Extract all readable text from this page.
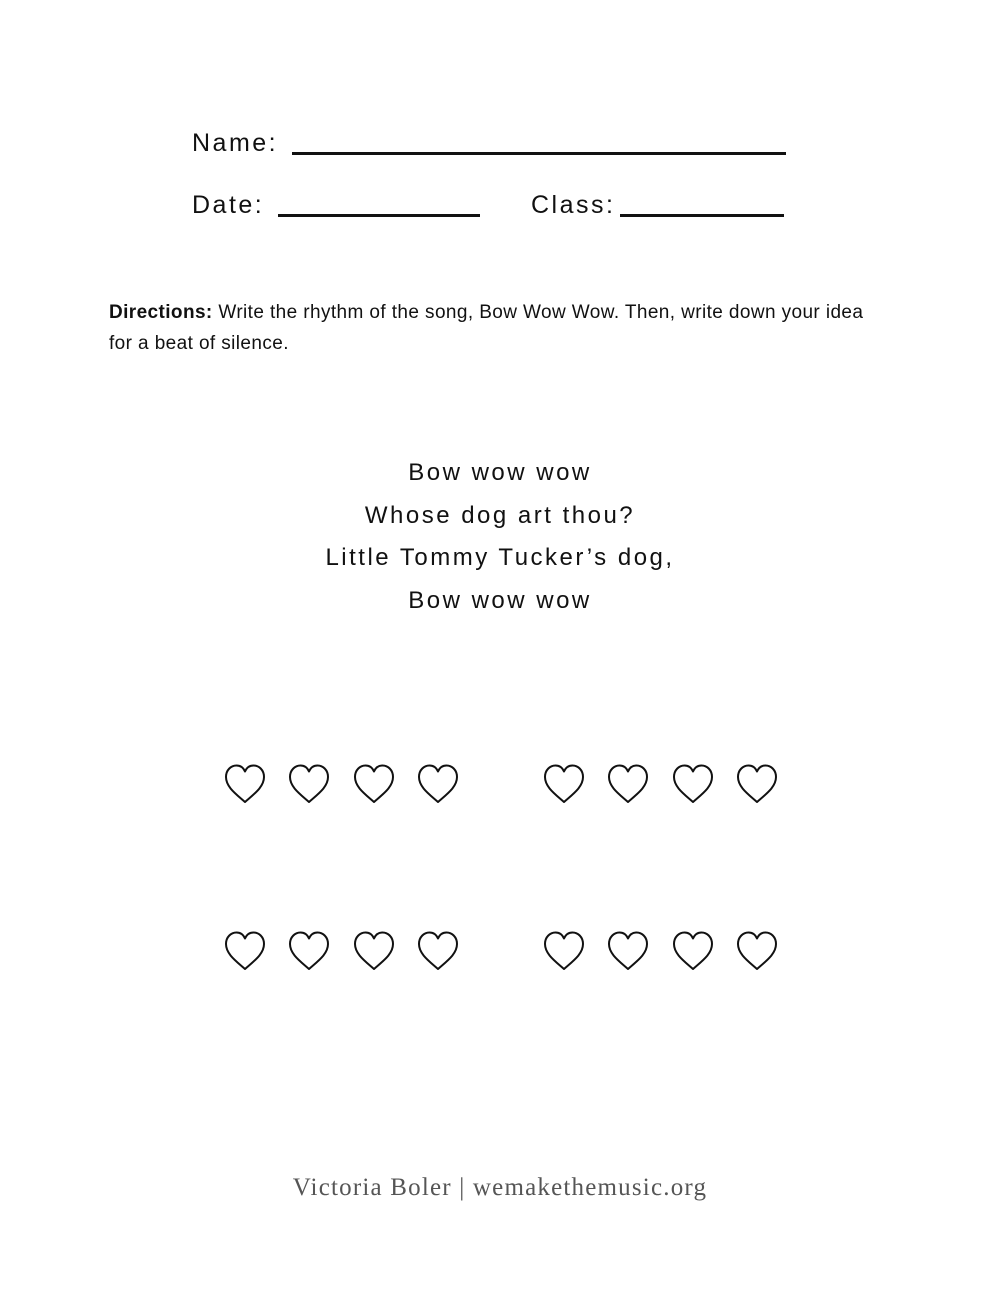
Name:
Date:	Class:
Directions: Write the rhythm of the song, Bow Wow Wow. Then, write down your idea for a beat of silence.
Bow wow wow
Whose dog art thou?
Little Tommy Tucker’s dog,
Bow wow wow
Victoria Boler | wemakethemusic.org
